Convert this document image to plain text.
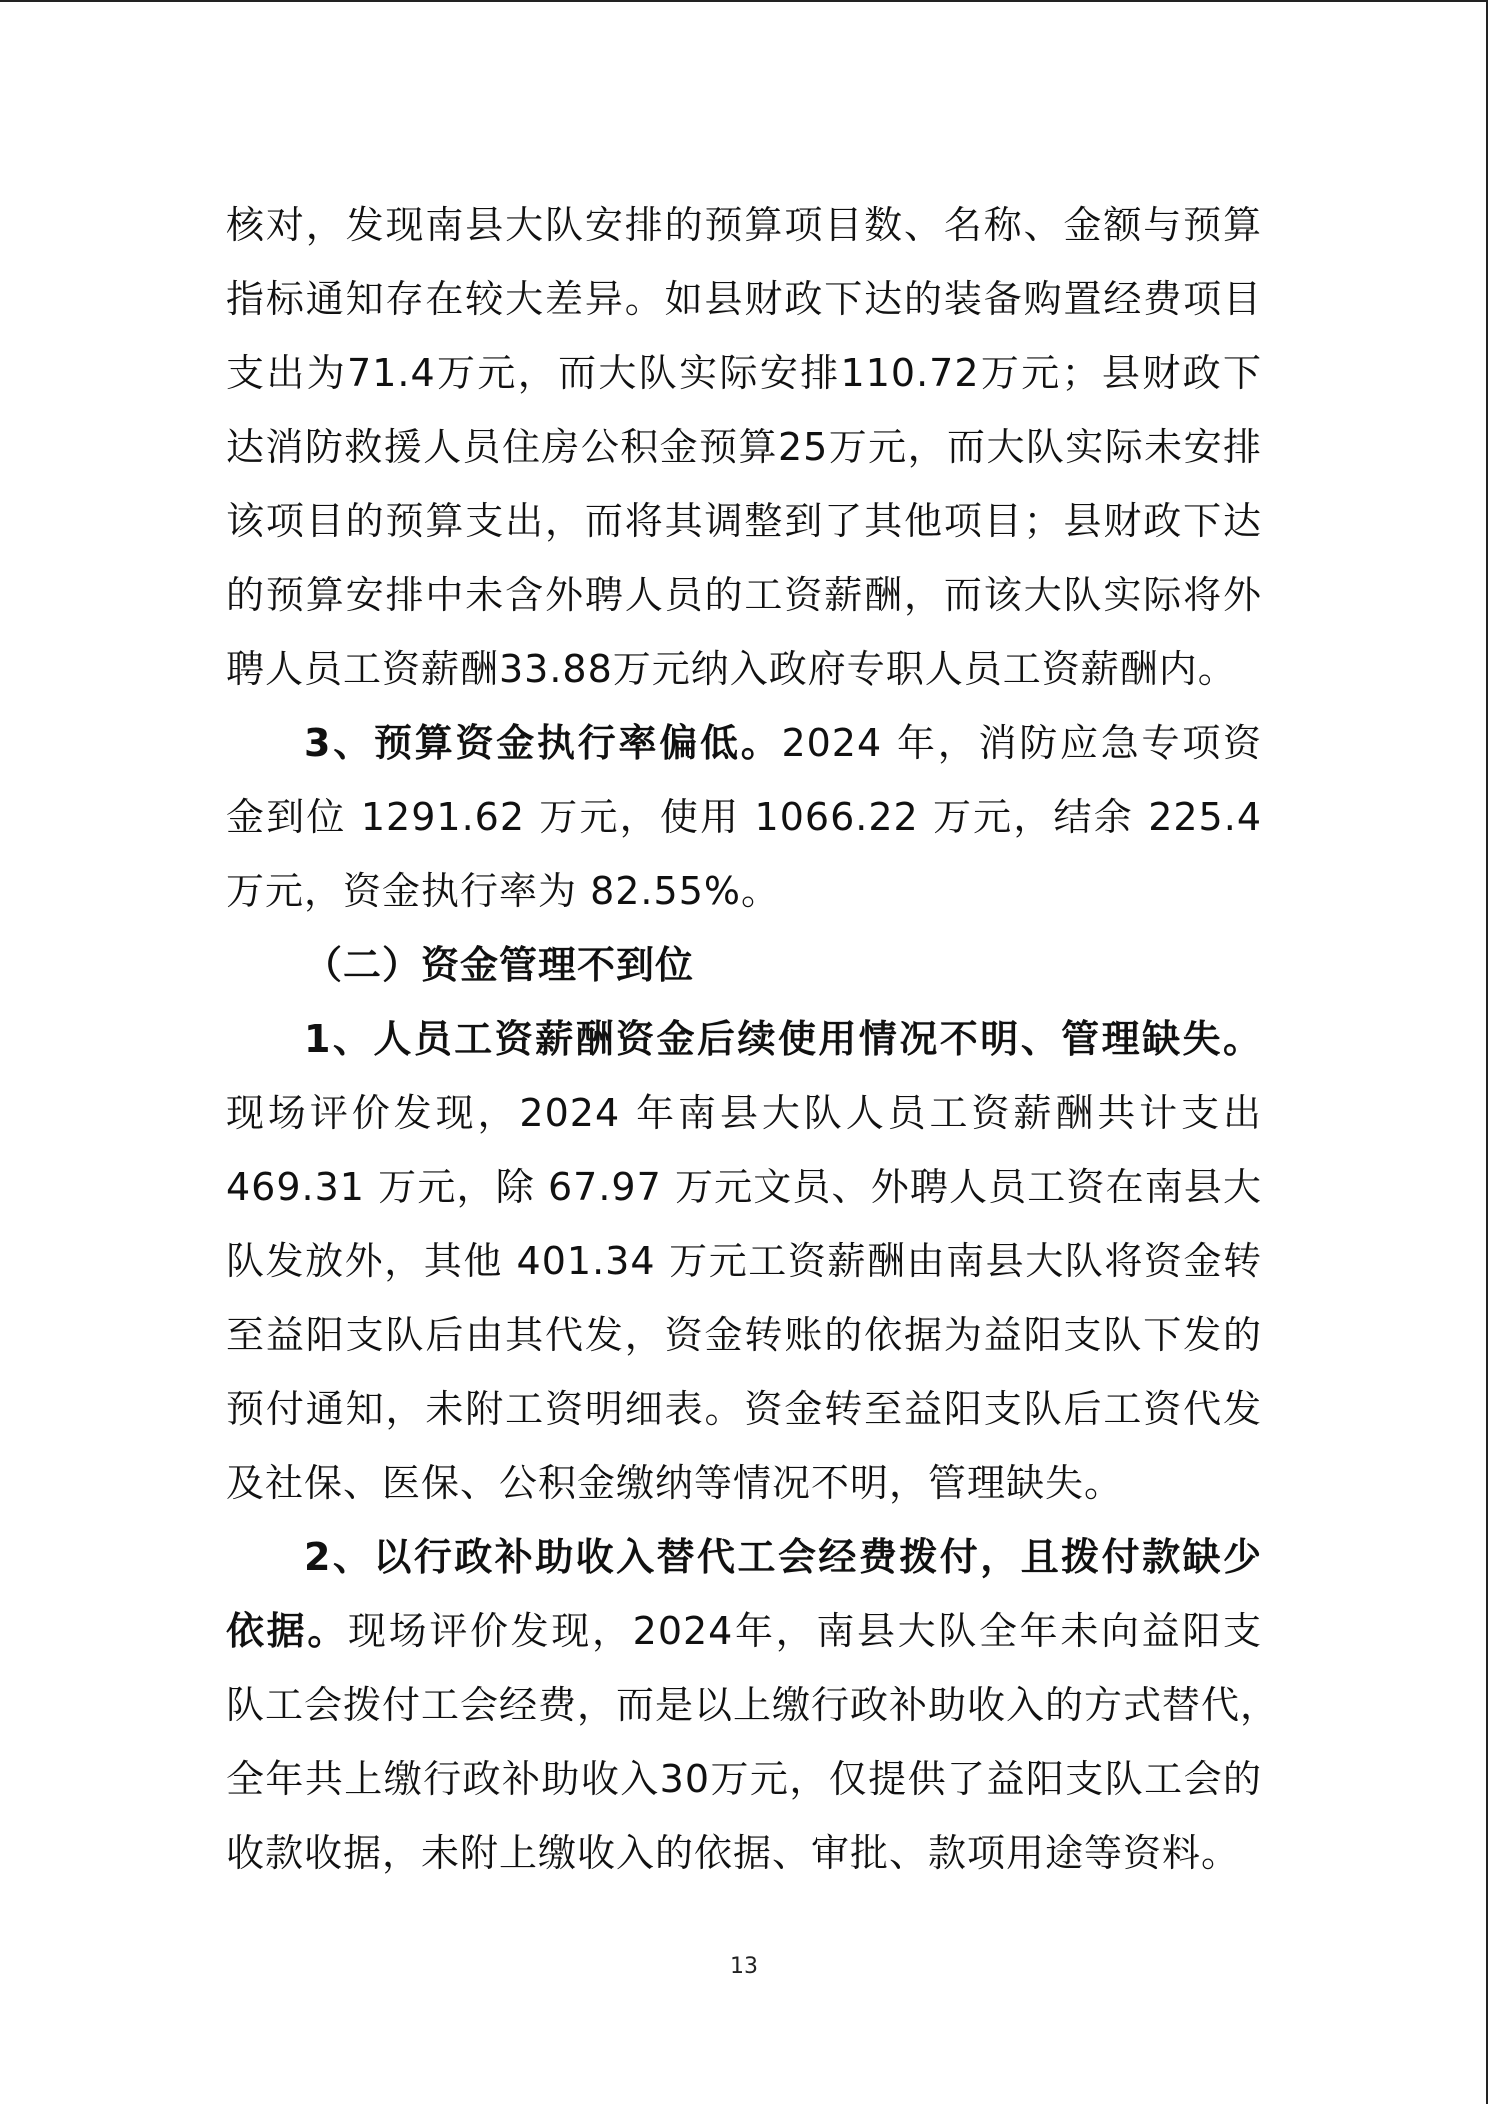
核对，发现南县大队安排的预算项目数、名称、金额与预算
指标通知存在较大差异。如县财政下达的装备购置经费项目
支出为71.4万元，而大队实际安排110.72万元；县财政下
达消防救援人员住房公积金预算25万元，而大队实际未安排
该项目的预算支出，而将其调整到了其他项目；县财政下达
的预算安排中未含外聘人员的工资薪酬，而该大队实际将外
聘人员工资薪酬33.88万元纳入政府专职人员工资薪酬内。
3、预算资金执行率偏低。2024 年，消防应急专项资
金到位 1291.62 万元，使用 1066.22 万元，结余 225.4
万元，资金执行率为 82.55%。
（二）资金管理不到位
1、人员工资薪酬资金后续使用情况不明、管理缺失。
现场评价发现，2024 年南县大队人员工资薪酬共计支出
469.31 万元，除 67.97 万元文员、外聘人员工资在南县大
队发放外，其他 401.34 万元工资薪酬由南县大队将资金转
至益阳支队后由其代发，资金转账的依据为益阳支队下发的
预付通知，未附工资明细表。资金转至益阳支队后工资代发
及社保、医保、公积金缴纳等情况不明，管理缺失。
2、以行政补助收入替代工会经费拨付，且拨付款缺少
依据。现场评价发现，2024年，南县大队全年未向益阳支
队工会拨付工会经费，而是以上缴行政补助收入的方式替代，
全年共上缴行政补助收入30万元，仅提供了益阳支队工会的
收款收据，未附上缴收入的依据、审批、款项用途等资料。
13
